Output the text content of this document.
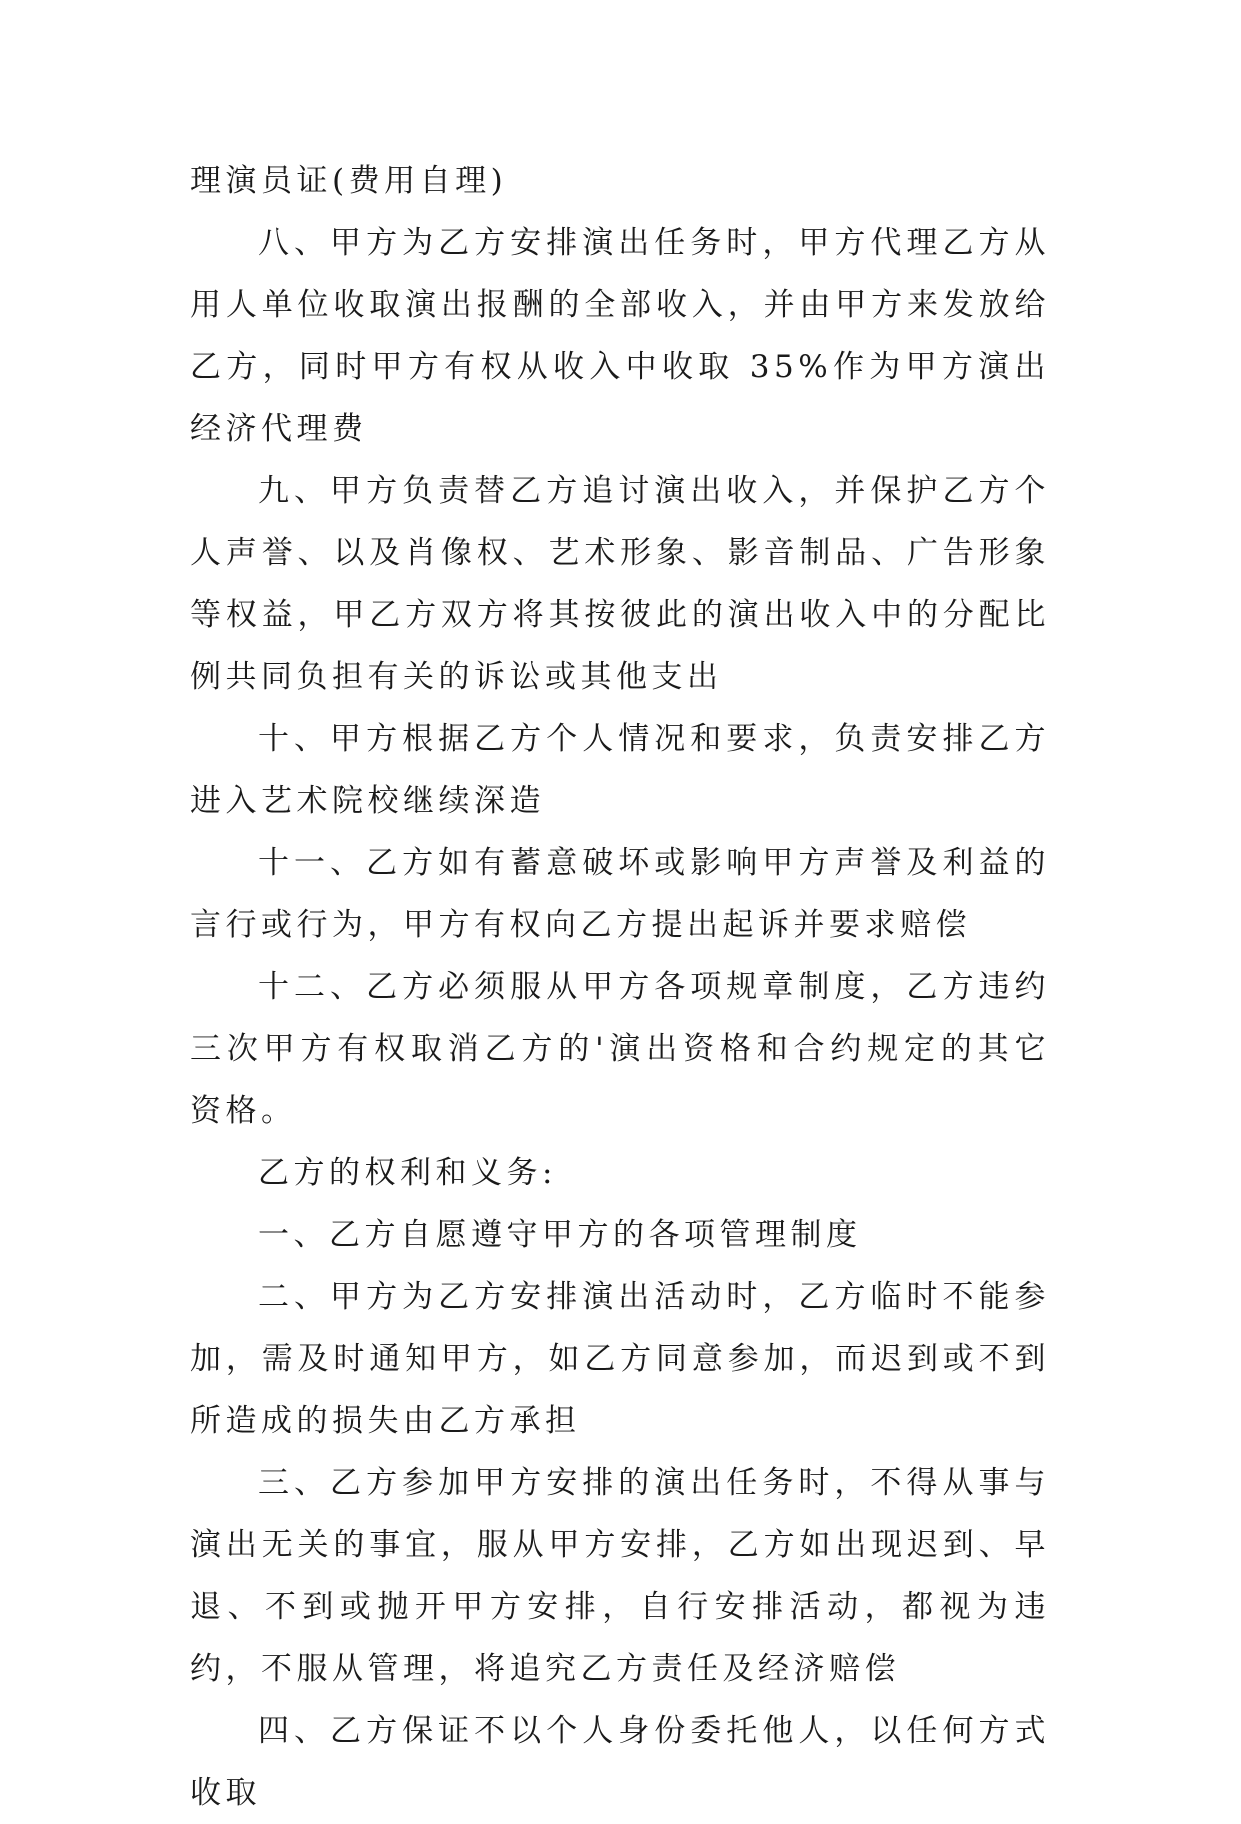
理演员证(费用自理)

八、甲方为乙方安排演出任务时，甲方代理乙方从用人单位收取演出报酬的全部收入，并由甲方来发放给乙方，同时甲方有权从收入中收取 35%作为甲方演出经济代理费

九、甲方负责替乙方追讨演出收入，并保护乙方个人声誉、以及肖像权、艺术形象、影音制品、广告形象等权益，甲乙方双方将其按彼此的演出收入中的分配比例共同负担有关的诉讼或其他支出

十、甲方根据乙方个人情况和要求，负责安排乙方进入艺术院校继续深造

十一、乙方如有蓄意破坏或影响甲方声誉及利益的言行或行为，甲方有权向乙方提出起诉并要求赔偿

十二、乙方必须服从甲方各项规章制度，乙方违约三次甲方有权取消乙方的'演出资格和合约规定的其它资格。

乙方的权利和义务:

一、乙方自愿遵守甲方的各项管理制度

二、甲方为乙方安排演出活动时，乙方临时不能参加，需及时通知甲方，如乙方同意参加，而迟到或不到所造成的损失由乙方承担

三、乙方参加甲方安排的演出任务时，不得从事与演出无关的事宜，服从甲方安排，乙方如出现迟到、早退、不到或抛开甲方安排，自行安排活动，都视为违约，不服从管理，将追究乙方责任及经济赔偿

四、乙方保证不以个人身份委托他人，以任何方式收取
